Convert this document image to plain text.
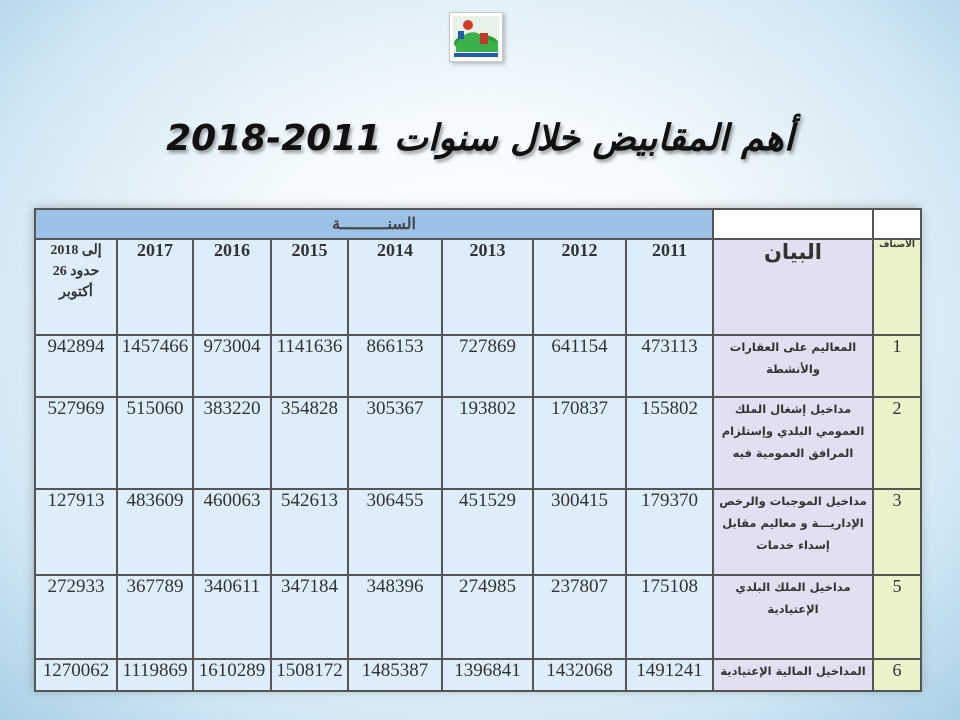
أهم المقابيض خلال سنوات 2011-2018
السنــــــــــة									
2018 إلى حدود 26 أكتوبر	2017	2016	2015	2014	2013	2012	2011	البيان	الأصناف
942894	1457466	973004	1141636	866153	727869	641154	473113	المعاليم على العقارات والأنشطة	1
527969	515060	383220	354828	305367	193802	170837	155802	مداخيل إشغال الملك العمومي البلدي وإستلزام المرافق العمومية فيه	2
127913	483609	460063	542613	306455	451529	300415	179370	مداخيل الموجبات والرخص الإداريـــة و معاليم مقابل إسداء خدمات	3
272933	367789	340611	347184	348396	274985	237807	175108	مداخيل الملك البلدي الإعتيادية	5
1270062	1119869	1610289	1508172	1485387	1396841	1432068	1491241	المداخيل المالية الإعتيادية	6
